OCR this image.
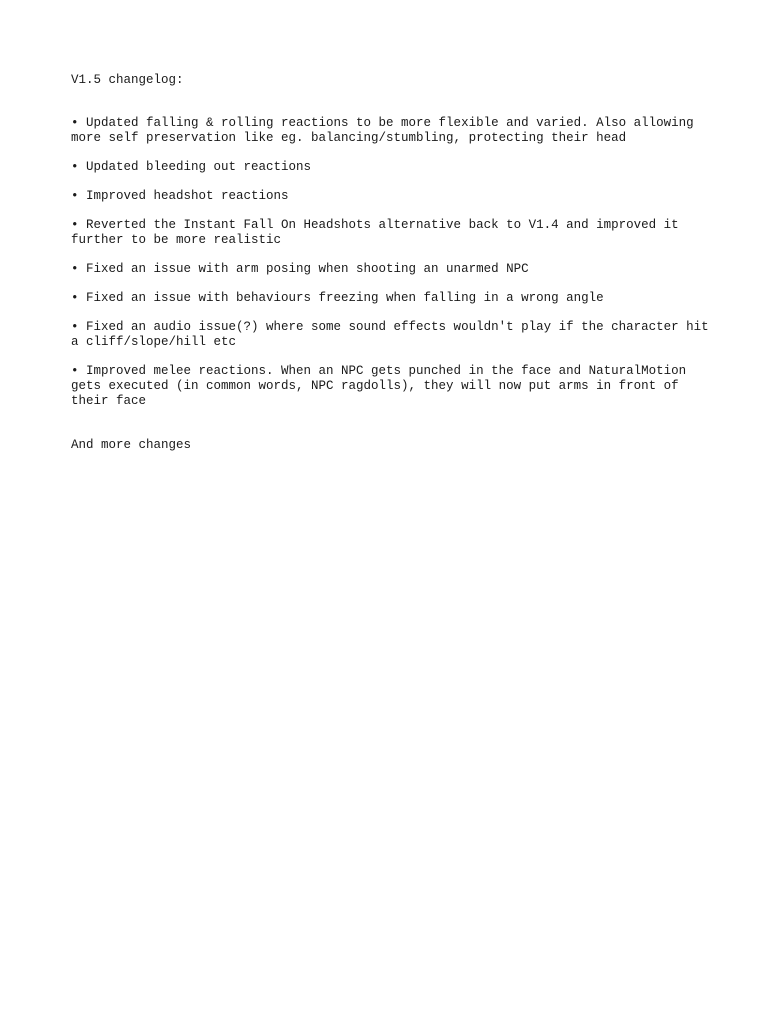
V1.5 changelog:
• Updated falling & rolling reactions to be more flexible and varied. Also allowing more self preservation like eg. balancing/stumbling, protecting their head
• Updated bleeding out reactions
• Improved headshot reactions
• Reverted the Instant Fall On Headshots alternative back to V1.4 and improved it further to be more realistic
• Fixed an issue with arm posing when shooting an unarmed NPC
• Fixed an issue with behaviours freezing when falling in a wrong angle
• Fixed an audio issue(?) where some sound effects wouldn't play if the character hit a cliff/slope/hill etc
• Improved melee reactions. When an NPC gets punched in the face and NaturalMotion gets executed (in common words, NPC ragdolls), they will now put arms in front of their face
And more changes
